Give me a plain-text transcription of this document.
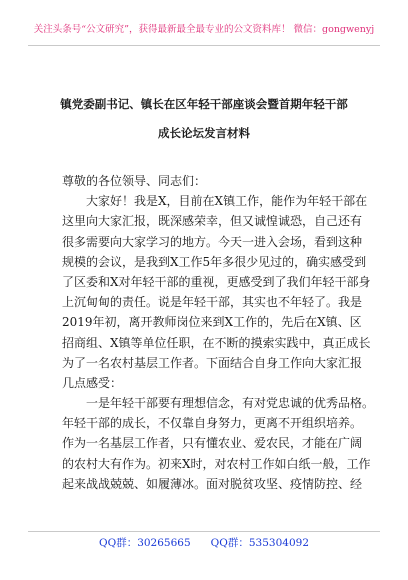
关注头条号“公文研究”，获得最新最全最专业的公文资料库！ 微信：gongwenyj
镇党委副书记、镇长在区年轻干部座谈会暨首期年轻干部
成长论坛发言材料
尊敬的各位领导、同志们：
大家好！我是X，目前在X镇工作，能作为年轻干部在
这里向大家汇报，既深感荣幸，但又诚惶诚恐，自己还有
很多需要向大家学习的地方。今天一进入会场，看到这种
规模的会议，是我到X工作5年多很少见过的，确实感受到
了区委和X对年轻干部的重视，更感受到了我们年轻干部身
上沉甸甸的责任。说是年轻干部，其实也不年轻了。我是
2019年初，离开教师岗位来到X工作的，先后在X镇、区
招商组、X镇等单位任职，在不断的摸索实践中，真正成长
为了一名农村基层工作者。下面结合自身工作向大家汇报
几点感受：
一是年轻干部要有理想信念，有对党忠诚的优秀品格。
年轻干部的成长，不仅靠自身努力，更离不开组织培养。
作为一名基层工作者，只有懂农业、爱农民，才能在广阔
的农村大有作为。初来X时，对农村工作如白纸一般，工作
起来战战兢兢、如履薄冰。面对脱贫攻坚、疫情防控、经
QQ群：30265665 QQ群：535304092
